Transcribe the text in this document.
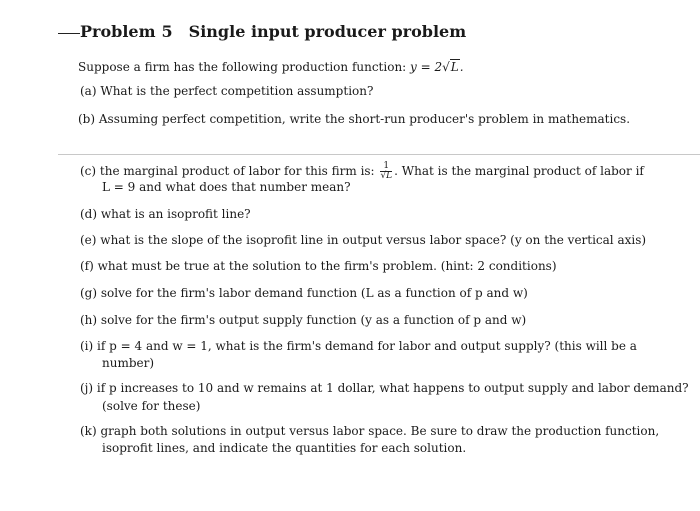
Problem 5 Single input producer problem
Suppose a firm has the following production function: y = 2√L.
(a) What is the perfect competition assumption?
(b) Assuming perfect competition, write the short-run producer's problem in mathematics.
(c) the marginal product of labor for this firm is: $\frac{1}{√L}$ . What is the marginal product of labor if
L = 9 and what does that number mean?
(d) what is an isoprofit line?
(e) what is the slope of the isoprofit line in output versus labor space? (y on the vertical axis)
(f) what must be true at the solution to the firm's problem. (hint: 2 conditions)
(g) solve for the firm's labor demand function (L as a function of p and w)
(h) solve for the firm's output supply function (y as a function of p and w)
(i) if p = 4 and w = 1, what is the firm's demand for labor and output supply? (this will be a
number)
(j) if p increases to 10 and w remains at 1 dollar, what happens to output supply and labor demand?
(solve for these)
(k) graph both solutions in output versus labor space. Be sure to draw the production function,
isoprofit lines, and indicate the quantities for each solution.
